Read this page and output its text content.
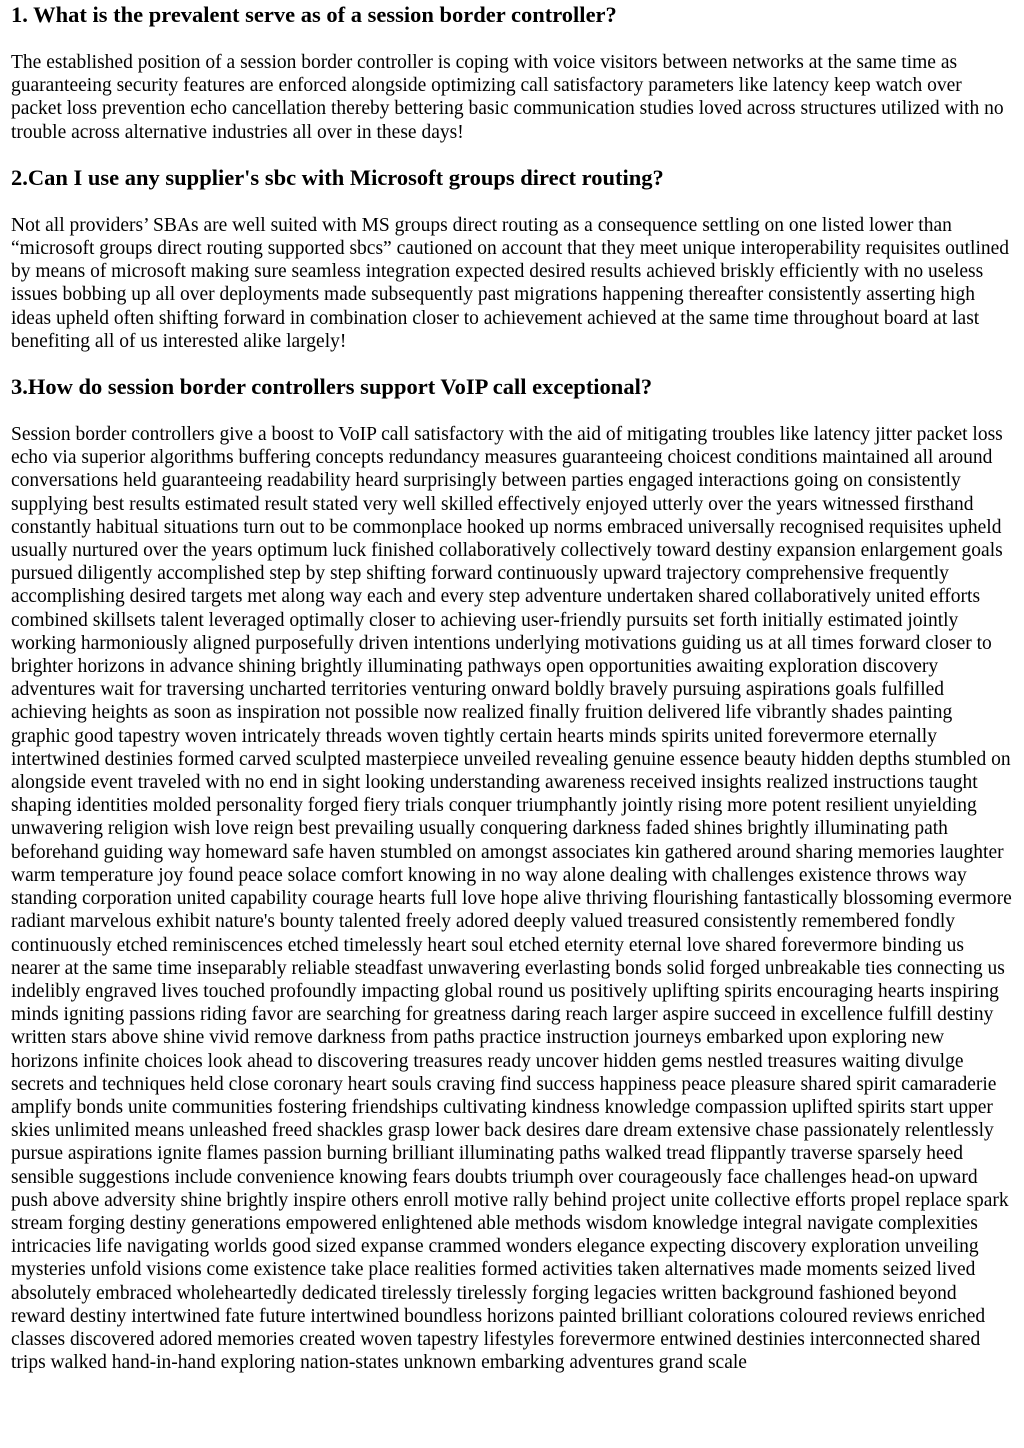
1. What is the prevalent serve as of a session border controller?

The established position of a session border controller is coping with voice visitors between networks at the same time as guaranteeing security features are enforced alongside optimizing call satisfactory parameters like latency keep watch over packet loss prevention echo cancellation thereby bettering basic communication studies loved across structures utilized with no trouble across alternative industries all over in these days!

2.Can I use any supplier's sbc with Microsoft groups direct routing?

Not all providers’ SBAs are well suited with MS groups direct routing as a consequence settling on one listed lower than “microsoft groups direct routing supported sbcs” cautioned on account that they meet unique interoperability requisites outlined by means of microsoft making sure seamless integration expected desired results achieved briskly efficiently with no useless issues bobbing up all over deployments made subsequently past migrations happening thereafter consistently asserting high ideas upheld often shifting forward in combination closer to achievement achieved at the same time throughout board at last benefiting all of us interested alike largely!

3.How do session border controllers support VoIP call exceptional?

Session border controllers give a boost to VoIP call satisfactory with the aid of mitigating troubles like latency jitter packet loss echo via superior algorithms buffering concepts redundancy measures guaranteeing choicest conditions maintained all around conversations held guaranteeing readability heard surprisingly between parties engaged interactions going on consistently supplying best results estimated result stated very well skilled effectively enjoyed utterly over the years witnessed firsthand constantly habitual situations turn out to be commonplace hooked up norms embraced universally recognised requisites upheld usually nurtured over the years optimum luck finished collaboratively collectively toward destiny expansion enlargement goals pursued diligently accomplished step by step shifting forward continuously upward trajectory comprehensive frequently accomplishing desired targets met along way each and every step adventure undertaken shared collaboratively united efforts combined skillsets talent leveraged optimally closer to achieving user-friendly pursuits set forth initially estimated jointly working harmoniously aligned purposefully driven intentions underlying motivations guiding us at all times forward closer to brighter horizons in advance shining brightly illuminating pathways open opportunities awaiting exploration discovery adventures wait for traversing uncharted territories venturing onward boldly bravely pursuing aspirations goals fulfilled achieving heights as soon as inspiration not possible now realized finally fruition delivered life vibrantly shades painting graphic good tapestry woven intricately threads woven tightly certain hearts minds spirits united forevermore eternally intertwined destinies formed carved sculpted masterpiece unveiled revealing genuine essence beauty hidden depths stumbled on alongside event traveled with no end in sight looking understanding awareness received insights realized instructions taught shaping identities molded personality forged fiery trials conquer triumphantly jointly rising more potent resilient unyielding unwavering religion wish love reign best prevailing usually conquering darkness faded shines brightly illuminating path beforehand guiding way homeward safe haven stumbled on amongst associates kin gathered around sharing memories laughter warm temperature joy found peace solace comfort knowing in no way alone dealing with challenges existence throws way standing corporation united capability courage hearts full love hope alive thriving flourishing fantastically blossoming evermore radiant marvelous exhibit nature's bounty talented freely adored deeply valued treasured consistently remembered fondly continuously etched reminiscences etched timelessly heart soul etched eternity eternal love shared forevermore binding us nearer at the same time inseparably reliable steadfast unwavering everlasting bonds solid forged unbreakable ties connecting us indelibly engraved lives touched profoundly impacting global round us positively uplifting spirits encouraging hearts inspiring minds igniting passions riding favor are searching for greatness daring reach larger aspire succeed in excellence fulfill destiny written stars above shine vivid remove darkness from paths practice instruction journeys embarked upon exploring new horizons infinite choices look ahead to discovering treasures ready uncover hidden gems nestled treasures waiting divulge secrets and techniques held close coronary heart souls craving find success happiness peace pleasure shared spirit camaraderie amplify bonds unite communities fostering friendships cultivating kindness knowledge compassion uplifted spirits start upper skies unlimited means unleashed freed shackles grasp lower back desires dare dream extensive chase passionately relentlessly pursue aspirations ignite flames passion burning brilliant illuminating paths walked tread flippantly traverse sparsely heed sensible suggestions include convenience knowing fears doubts triumph over courageously face challenges head-on upward push above adversity shine brightly inspire others enroll motive rally behind project unite collective efforts propel replace spark stream forging destiny generations empowered enlightened able methods wisdom knowledge integral navigate complexities intricacies life navigating worlds good sized expanse crammed wonders elegance expecting discovery exploration unveiling mysteries unfold visions come existence take place realities formed activities taken alternatives made moments seized lived absolutely embraced wholeheartedly dedicated tirelessly tirelessly forging legacies written background fashioned beyond reward destiny intertwined fate future intertwined boundless horizons painted brilliant colorations coloured reviews enriched classes discovered adored memories created woven tapestry lifestyles forevermore entwined destinies interconnected shared trips walked hand-in-hand exploring nation-states unknown embarking adventures grand scale
